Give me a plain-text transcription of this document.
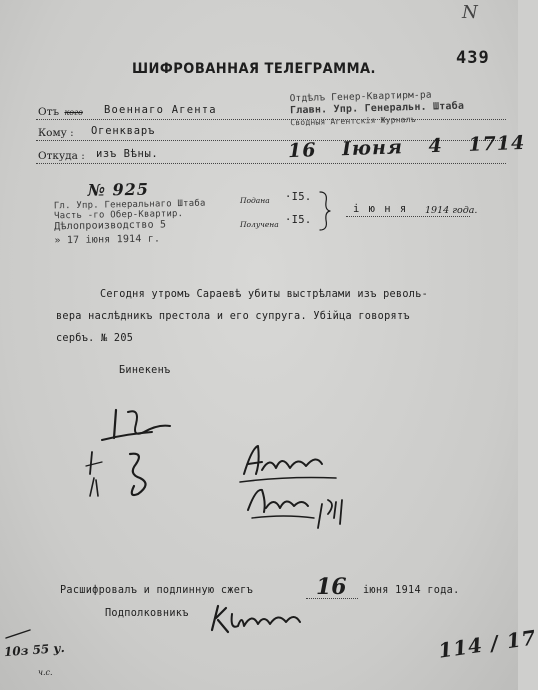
N
439
ШИФРОВАННАЯ ТЕЛЕГРАММА.
Отдѣлъ Генер-Квартирм-ра
Главн. Упр. Генеральн. Штаба
Сводныя Агентскія Журналъ
Отъ кого Военнаго Агента
Кому : Огенкваръ
Откуда : изъ Вѣны.	16 Іюня 4 1714
№ 925
Гл. Упр. Генеральнаго Штаба
Часть -го Обер-Квартир.
Дѣлопроизводство 5
» 17 іюня 1914 г.
Подана ·I5.
Получена ·I5.
і ю н я 1914 года.
Сегодня утромъ Сараевѣ убиты выстрѣлами изъ револь-
вера наслѣдникъ престола и его супруга. Убійца говорятъ
сербъ. № 205
Бинекенъ
Расшифровалъ и подлинную сжегъ	16 іюня 1914 года.
Подполковникъ
10з 55 у.
ч.с.
114 / 17
